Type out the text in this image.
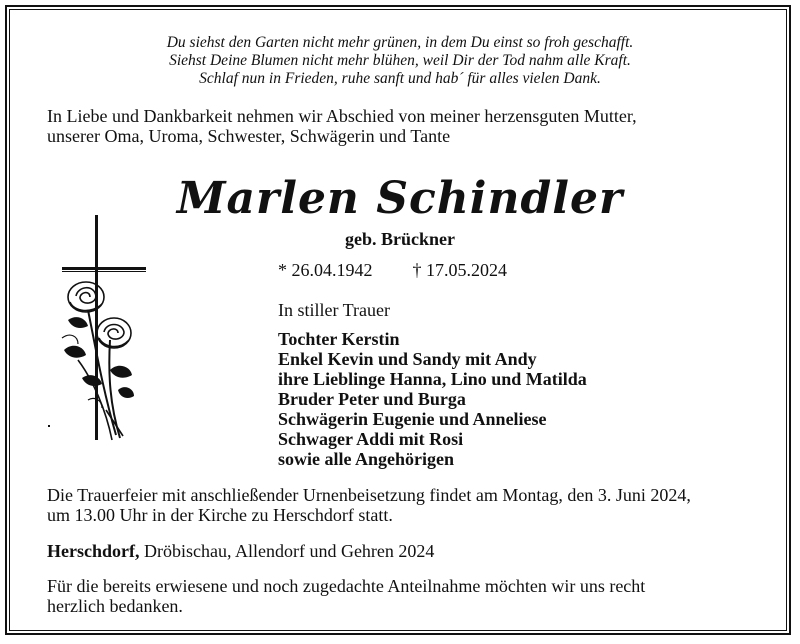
Du siehst den Garten nicht mehr grünen, in dem Du einst so froh geschafft.
Siehst Deine Blumen nicht mehr blühen, weil Dir der Tod nahm alle Kraft.
Schlaf nun in Frieden, ruhe sanft und hab´ für alles vielen Dank.
In Liebe und Dankbarkeit nehmen wir Abschied von meiner herzensguten Mutter,
unserer Oma, Uroma, Schwester, Schwägerin und Tante
Marlen Schindler
geb. Brückner
* 26.04.1942 † 17.05.2024
In stiller Trauer
Tochter Kerstin
Enkel Kevin und Sandy mit Andy
ihre Lieblinge Hanna, Lino und Matilda
Bruder Peter und Burga
Schwägerin Eugenie und Anneliese
Schwager Addi mit Rosi
sowie alle Angehörigen
Die Trauerfeier mit anschließender Urnenbeisetzung findet am Montag, den 3. Juni 2024,
um 13.00 Uhr in der Kirche zu Herschdorf statt.
Herschdorf, Dröbischau, Allendorf und Gehren 2024
Für die bereits erwiesene und noch zugedachte Anteilnahme möchten wir uns recht
herzlich bedanken.
